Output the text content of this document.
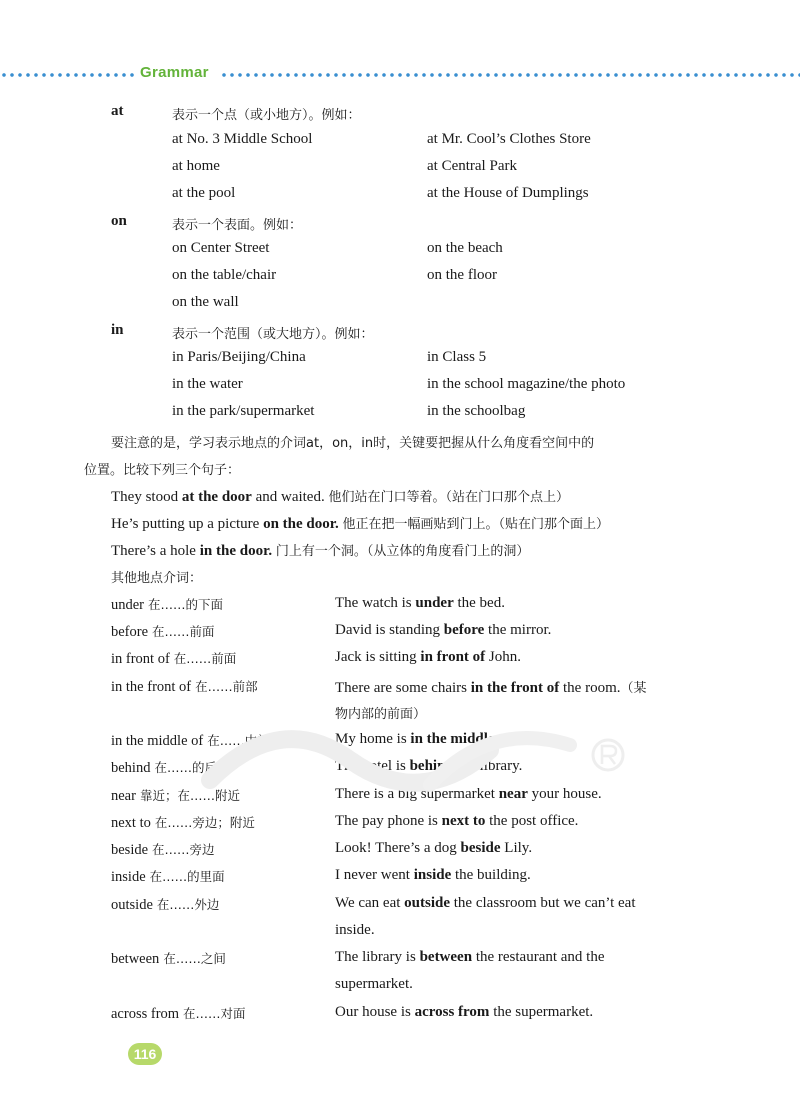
Grammar
at	表示一个点（或小地方）。例如：
at No. 3 Middle School	at Mr. Cool’s Clothes Store
at home	at Central Park
at the pool	at the House of Dumplings
on	表示一个表面。例如：
on Center Street	on the beach
on the table/chair	on the floor
on the wall
in	表示一个范围（或大地方）。例如：
in Paris/Beijing/China	in Class 5
in the water	in the school magazine/the photo
in the park/supermarket	in the schoolbag
要注意的是，学习表示地点的介词at，on，in时，关键要把握从什么角度看空间中的
位置。比较下列三个句子：
They stood at the door and waited. 他们站在门口等着。（站在门口那个点上）
He’s putting up a picture on the door. 他正在把一幅画贴到门上。（贴在门那个面上）
There’s a hole in the door. 门上有一个洞。（从立体的角度看门上的洞）
其他地点介词：
under 在……的下面	The watch is under the bed.
before 在……前面	David is standing before the mirror.
in front of 在……前面	Jack is sitting in front of John.
in the front of 在……前部	There are some chairs in the front of the room.（某
物内部的前面）
in the middle of 在……中间	My home is in the middle of the city.
behind 在……的后面	The hotel is behind the library.
near 靠近；在……附近	There is a big supermarket near your house.
next to 在……旁边；附近	The pay phone is next to the post office.
beside 在……旁边	Look! There’s a dog beside Lily.
inside 在……的里面	I never went inside the building.
outside 在……外边	We can eat outside the classroom but we can’t eat
inside.
between 在……之间	The library is between the restaurant and the
supermarket.
across from 在……对面	Our house is across from the supermarket.
116
